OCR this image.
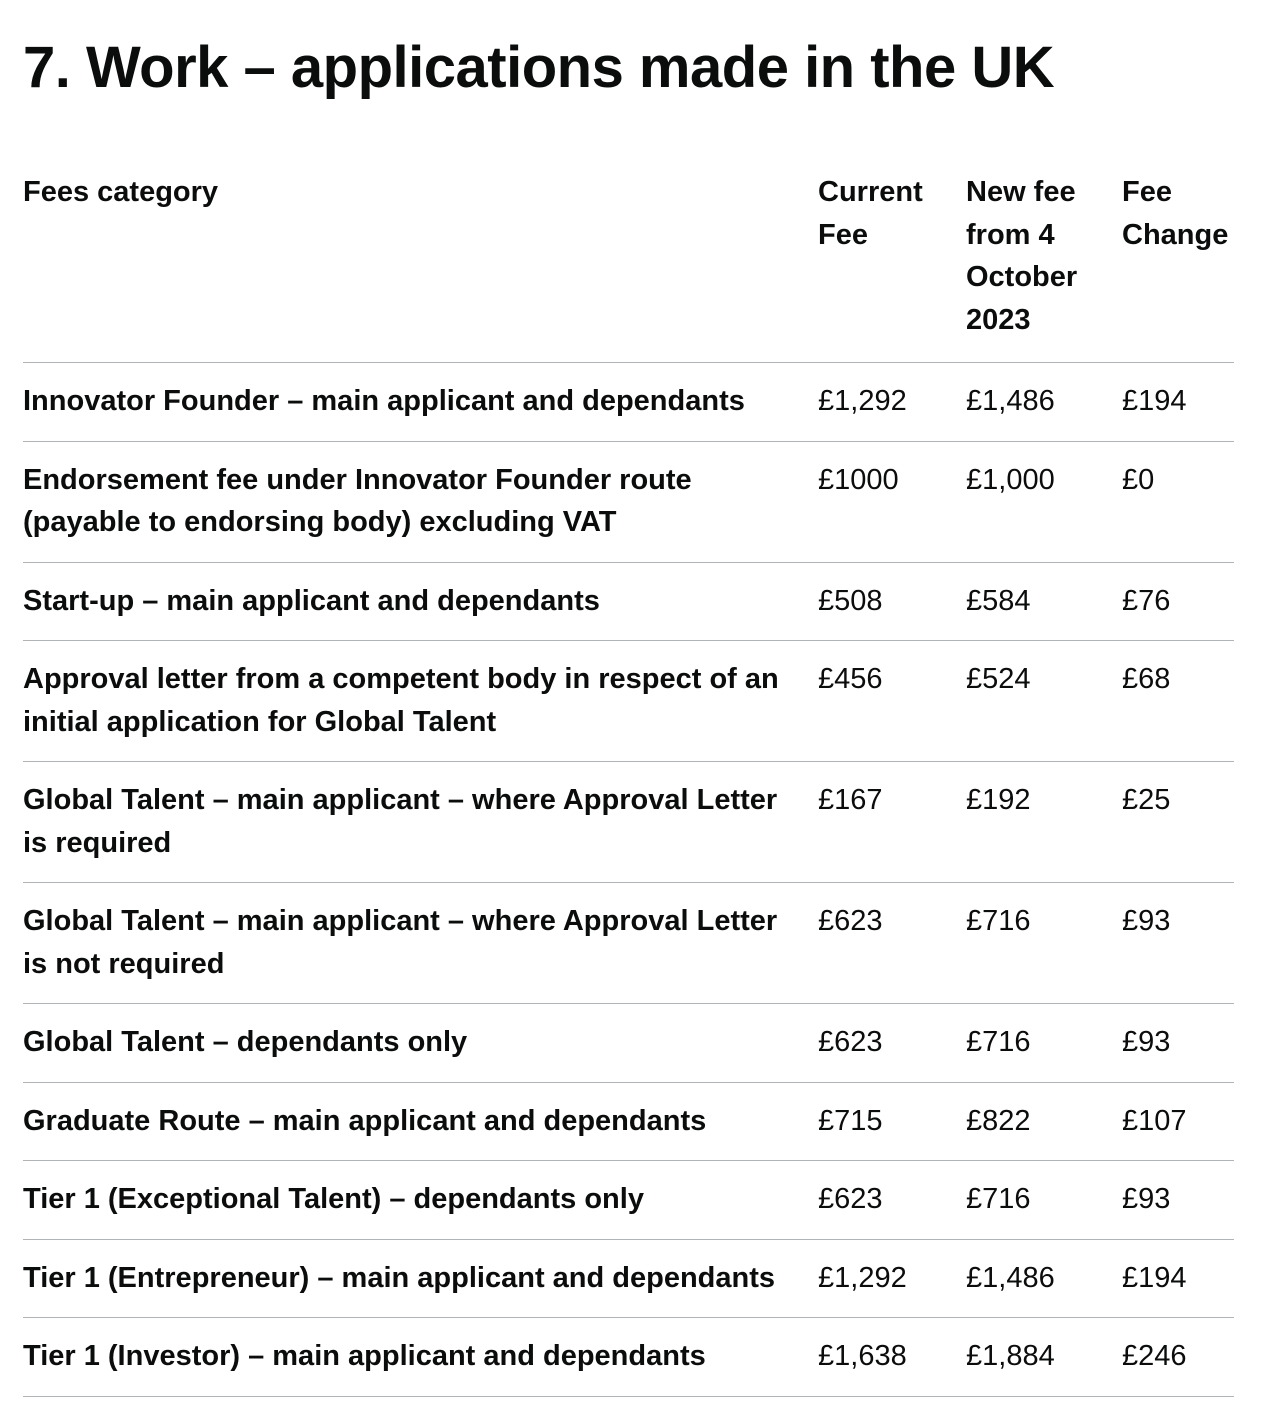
7. Work – applications made in the UK
Fees category	Current Fee	New fee from 4 October 2023	Fee Change
Innovator Founder – main applicant and dependants	£1,292	£1,486	£194
Endorsement fee under Innovator Founder route (payable to endorsing body) excluding VAT	£1000	£1,000	£0
Start-up – main applicant and dependants	£508	£584	£76
Approval letter from a competent body in respect of an initial application for Global Talent	£456	£524	£68
Global Talent – main applicant – where Approval Letter is required	£167	£192	£25
Global Talent – main applicant – where Approval Letter is not required	£623	£716	£93
Global Talent – dependants only	£623	£716	£93
Graduate Route – main applicant and dependants	£715	£822	£107
Tier 1 (Exceptional Talent) – dependants only	£623	£716	£93
Tier 1 (Entrepreneur) – main applicant and dependants	£1,292	£1,486	£194
Tier 1 (Investor) – main applicant and dependants	£1,638	£1,884	£246
